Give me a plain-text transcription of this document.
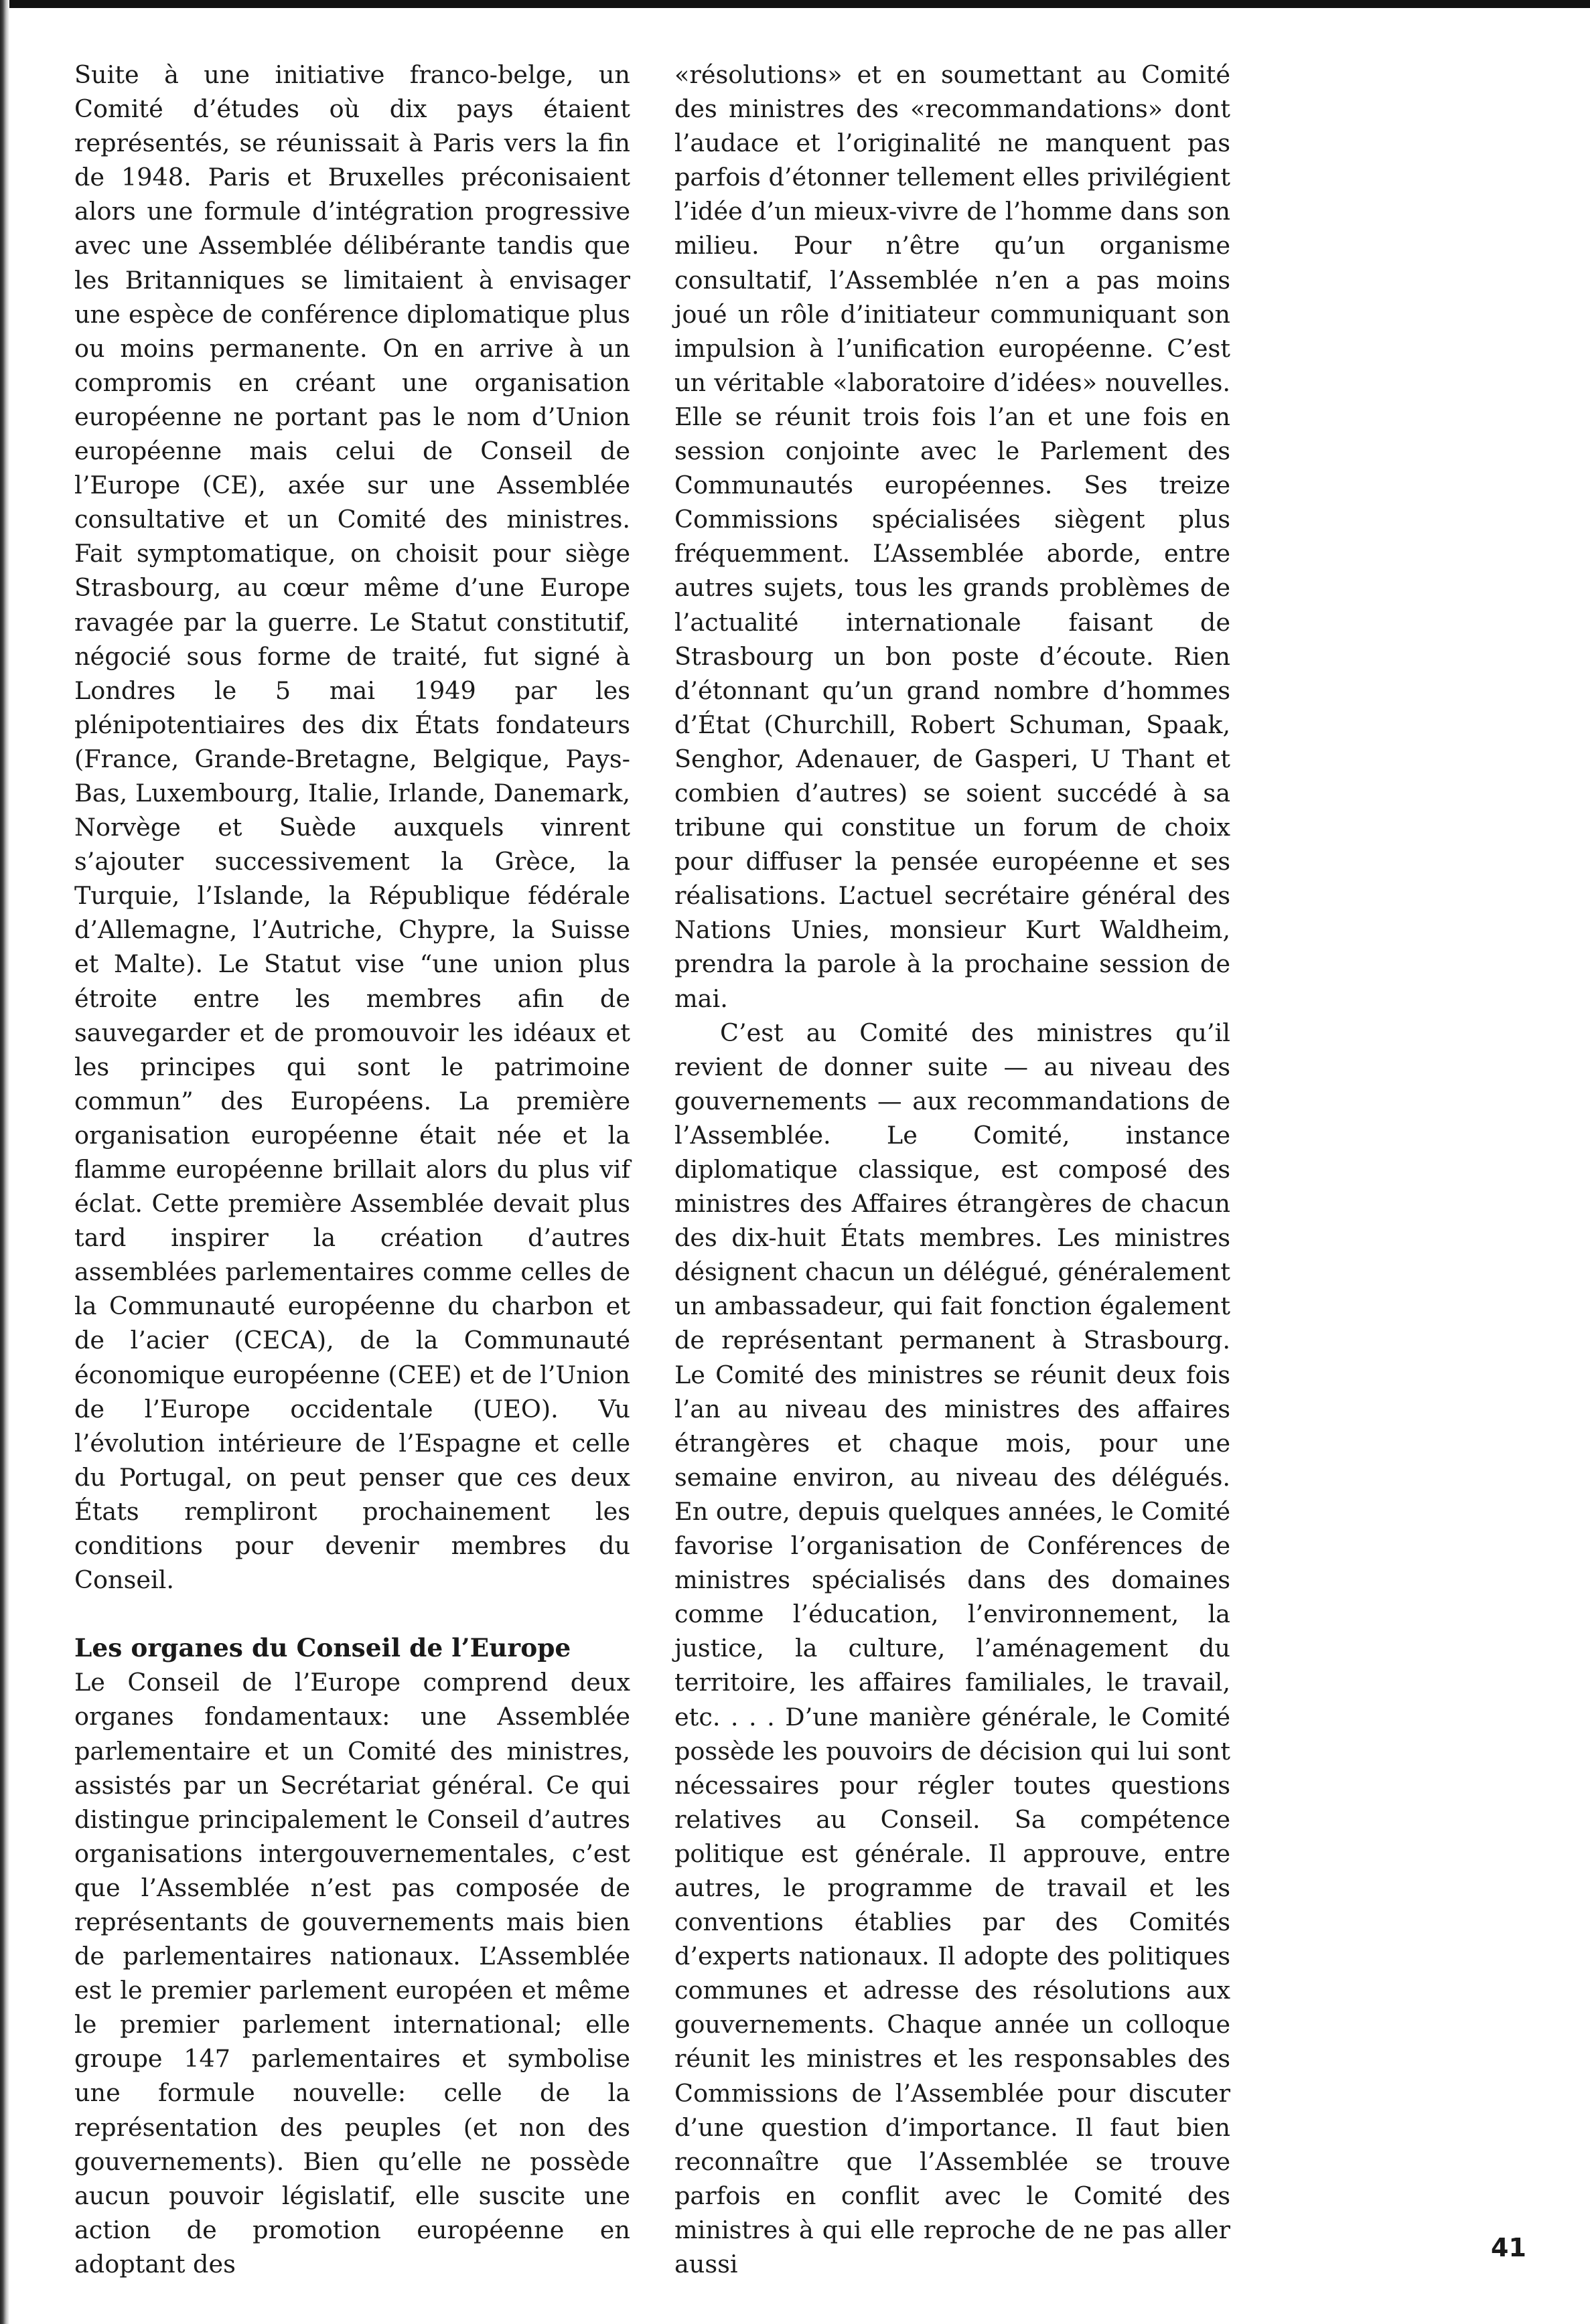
Suite à une initiative franco-belge, un Comité d’études où dix pays étaient représentés, se réunissait à Paris vers la fin de 1948. Paris et Bruxelles préconisaient alors une formule d’intégration progressive avec une Assemblée délibérante tandis que les Britanniques se limitaient à envisager une espèce de conférence diplomatique plus ou moins permanente. On en arrive à un compromis en créant une organisation européenne ne portant pas le nom d’Union européenne mais celui de Conseil de l’Europe (CE), axée sur une Assemblée consultative et un Comité des ministres. Fait symptomatique, on choisit pour siège Strasbourg, au cœur même d’une Europe ravagée par la guerre. Le Statut constitutif, négocié sous forme de traité, fut signé à Londres le 5 mai 1949 par les plénipotentiaires des dix États fondateurs (France, Grande-Bretagne, Belgique, Pays-Bas, Luxembourg, Italie, Irlande, Danemark, Norvège et Suède auxquels vinrent s’ajouter successivement la Grèce, la Turquie, l’Islande, la République fédérale d’Allemagne, l’Autriche, Chypre, la Suisse et Malte). Le Statut vise “une union plus étroite entre les membres afin de sauvegarder et de promouvoir les idéaux et les principes qui sont le patrimoine commun” des Européens. La première organisation européenne était née et la flamme européenne brillait alors du plus vif éclat. Cette première Assemblée devait plus tard inspirer la création d’autres assemblées parlementaires comme celles de la Communauté européenne du charbon et de l’acier (CECA), de la Communauté économique européenne (CEE) et de l’Union de l’Europe occidentale (UEO). Vu l’évolution intérieure de l’Espagne et celle du Portugal, on peut penser que ces deux États rempliront prochainement les conditions pour devenir membres du Conseil.

Les organes du Conseil de l’Europe

Le Conseil de l’Europe comprend deux organes fondamentaux: une Assemblée parlementaire et un Comité des ministres, assistés par un Secrétariat général. Ce qui distingue principalement le Conseil d’autres organisations intergouvernementales, c’est que l’Assemblée n’est pas composée de représentants de gouvernements mais bien de parlementaires nationaux. L’Assemblée est le premier parlement européen et même le premier parlement international; elle groupe 147 parlementaires et symbolise une formule nouvelle: celle de la représentation des peuples (et non des gouvernements). Bien qu’elle ne possède aucun pouvoir législatif, elle suscite une action de promotion européenne en adoptant des

«résolutions» et en soumettant au Comité des ministres des «recommandations» dont l’audace et l’originalité ne manquent pas parfois d’étonner tellement elles privilégient l’idée d’un mieux-vivre de l’homme dans son milieu. Pour n’être qu’un organisme consultatif, l’Assemblée n’en a pas moins joué un rôle d’initiateur communiquant son impulsion à l’unification européenne. C’est un véritable «laboratoire d’idées» nouvelles. Elle se réunit trois fois l’an et une fois en session conjointe avec le Parlement des Communautés européennes. Ses treize Commissions spécialisées siègent plus fréquemment. L’Assemblée aborde, entre autres sujets, tous les grands problèmes de l’actualité internationale faisant de Strasbourg un bon poste d’écoute. Rien d’étonnant qu’un grand nombre d’hommes d’État (Churchill, Robert Schuman, Spaak, Senghor, Adenauer, de Gasperi, U Thant et combien d’autres) se soient succédé à sa tribune qui constitue un forum de choix pour diffuser la pensée européenne et ses réalisations. L’actuel secrétaire général des Nations Unies, monsieur Kurt Waldheim, prendra la parole à la prochaine session de mai.

C’est au Comité des ministres qu’il revient de donner suite — au niveau des gouvernements — aux recommandations de l’Assemblée. Le Comité, instance diplomatique classique, est composé des ministres des Affaires étrangères de chacun des dix-huit États membres. Les ministres désignent chacun un délégué, généralement un ambassadeur, qui fait fonction également de représentant permanent à Strasbourg. Le Comité des ministres se réunit deux fois l’an au niveau des ministres des affaires étrangères et chaque mois, pour une semaine environ, au niveau des délégués. En outre, depuis quelques années, le Comité favorise l’organisation de Conférences de ministres spécialisés dans des domaines comme l’éducation, l’environnement, la justice, la culture, l’aménagement du territoire, les affaires familiales, le travail, etc. . . . D’une manière générale, le Comité possède les pouvoirs de décision qui lui sont nécessaires pour régler toutes questions relatives au Conseil. Sa compétence politique est générale. Il approuve, entre autres, le programme de travail et les conventions établies par des Comités d’experts nationaux. Il adopte des politiques communes et adresse des résolutions aux gouvernements. Chaque année un colloque réunit les ministres et les responsables des Commissions de l’Assemblée pour discuter d’une question d’importance. Il faut bien reconnaître que l’Assemblée se trouve parfois en conflit avec le Comité des ministres à qui elle reproche de ne pas aller aussi

41
